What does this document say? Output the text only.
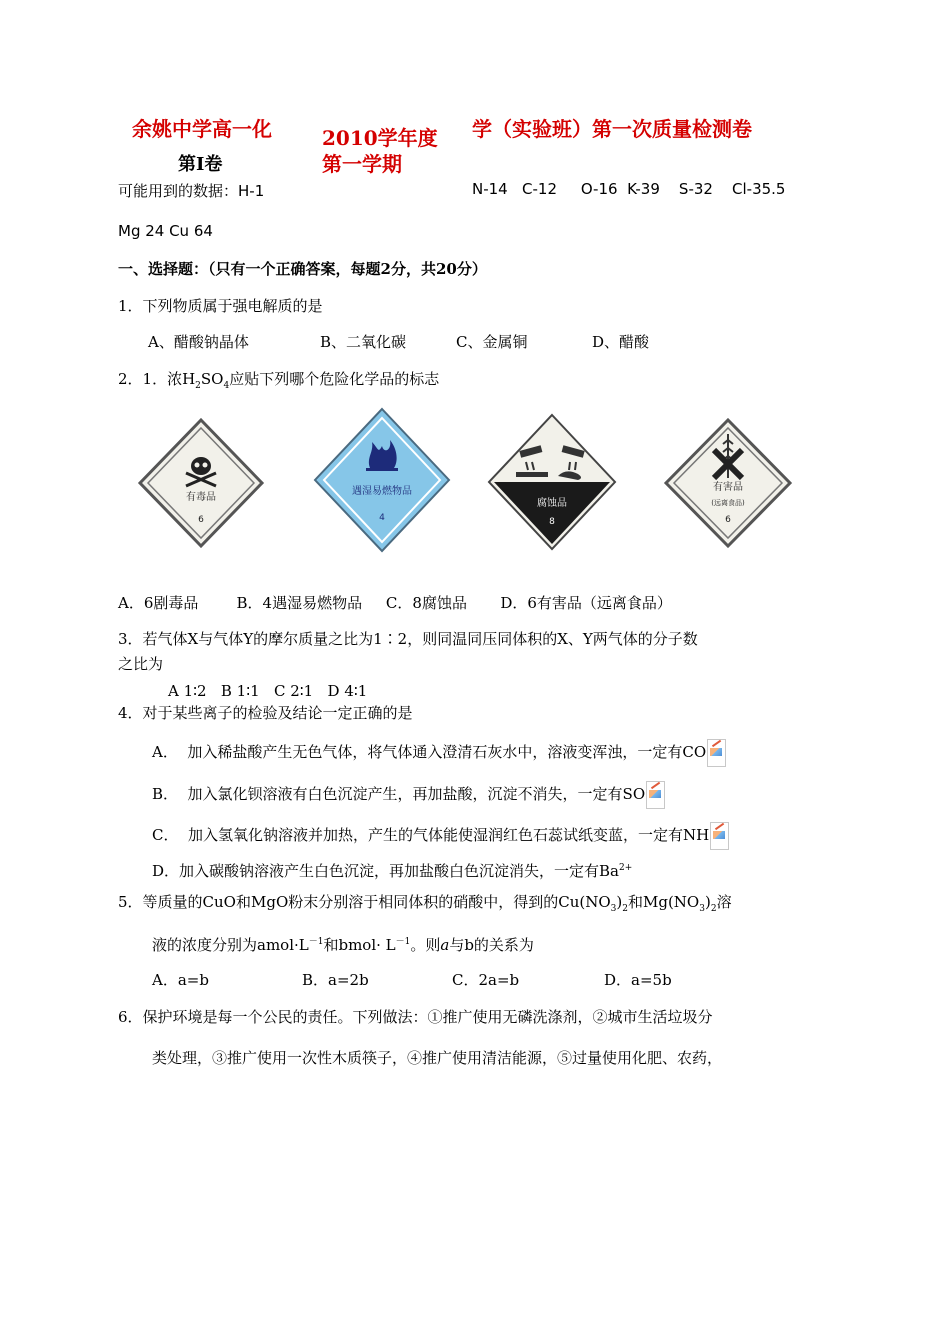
余姚中学高一化	2010学年度
第一学期
学（实验班）第一次质量检测卷
第Ⅰ卷
可能用到的数据：H-1	N-14   C-12     O-16  K-39    S-32    Cl-35.5
Mg 24 Cu 64
一、选择题：（只有一个正确答案，每题2分，共20分）
1．下列物质属于强电解质的是
A、醋酸钠晶体	B、二氧化碳	C、金属铜	D、醋酸
2．1．浓$H_2SO_4$应贴下列哪个危险化学品的标志
有毒品
6
遇湿易燃物品
4
腐蚀品
8
有害品
(远离食品)
6
A．6剧毒品        B．4遇湿易燃物品     C．8腐蚀品       D．6有害品（远离食品）
3．若气体X与气体Y的摩尔质量之比为1∶2，则同温同压同体积的X、Y两气体的分子数
之比为
A 1∶2   B 1∶1   C 2∶1   D 4∶1
4．对于某些离子的检验及结论一定正确的是
A．  加入稀盐酸产生无色气体，将气体通入澄清石灰水中，溶液变浑浊，一定有CO
B．  加入氯化钡溶液有白色沉淀产生，再加盐酸，沉淀不消失，一定有SO
C．  加入氢氧化钠溶液并加热，产生的气体能使湿润红色石蕊试纸变蓝，一定有NH
D．加入碳酸钠溶液产生白色沉淀，再加盐酸白色沉淀消失，一定有$Ba^{2+}$
5．等质量的CuO和MgO粉末分别溶于相同体积的硝酸中，得到的$Cu(NO_3)_2$和$Mg(NO_3)_2$溶
液的浓度分别为$amol\cdot L^{-1}$和bmol· $L^{-1}$。则a与b的关系为
A．a=b	B．a=2b	C．2a=b	D．a=5b
6．保护环境是每一个公民的责任。下列做法：①推广使用无磷洗涤剂，②城市生活垃圾分
类处理，③推广使用一次性木质筷子，④推广使用清洁能源，⑤过量使用化肥、农药，
